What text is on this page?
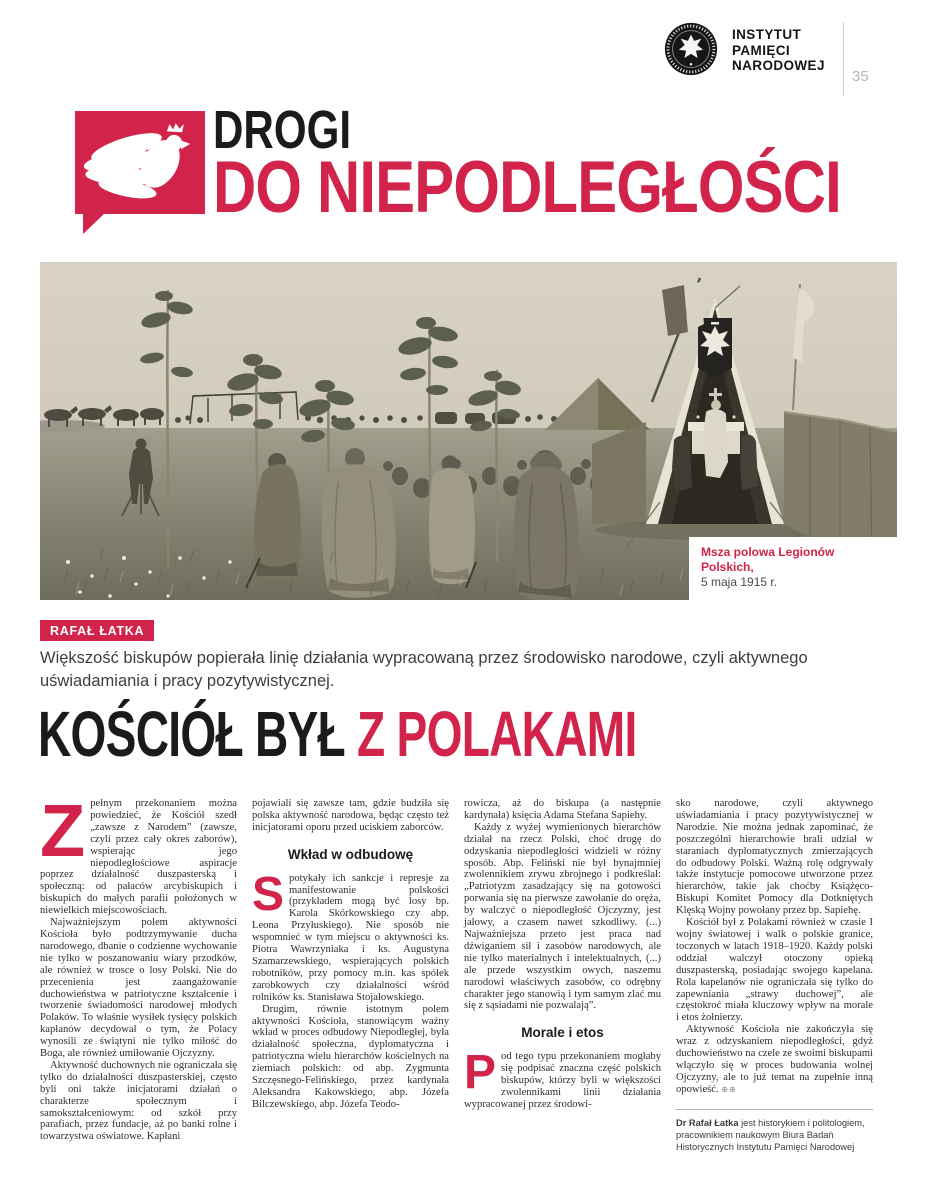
INSTYTUT
PAMIĘCI
NARODOWEJ
35
DROGI
DO NIEPODLEGŁOŚCI
Msza polowa Legionów Polskich,
5 maja 1915 r.
RAFAŁ ŁATKA

Większość biskupów popierała linię działania wypracowaną przez środowisko narodowe, czyli aktywnego uświadamiania i pracy pozytywistycznej.

KOŚCIÓŁ BYŁ Z POLAKAMI

Zpełnym przekonaniem można powiedzieć, że Kościół szedł „zawsze z Narodem” (zawsze, czyli przez cały okres zaborów), wspierając jego niepodległościowe aspiracje poprzez działalność duszpasterską i społeczną: od pałaców arcybiskupich i biskupich do małych parafii położonych w niewielkich miejscowościach.

Najważniejszym polem aktywności Kościoła było podtrzymywanie ducha narodowego, dbanie o codzienne wychowanie nie tylko w poszanowaniu wiary przodków, ale również w trosce o losy Polski. Nie do przecenienia jest zaangażowanie duchowieństwa w patriotyczne kształcenie i tworzenie świadomości narodowej młodych Polaków. To właśnie wysiłek tysięcy polskich kapłanów decydował o tym, że Polacy wynosili ze świątyni nie tylko miłość do Boga, ale również umiłowanie Ojczyzny.

Aktywność duchownych nie ograniczała się tylko do działalności duszpasterskiej, często byli oni także inicjatorami działań o charakterze społecznym i samokształceniowym: od szkół przy parafiach, przez fundacje, aż po banki rolne i towarzystwa oświatowe. Kapłani

pojawiali się zawsze tam, gdzie budziła się polska aktywność narodowa, będąc często też inicjatorami oporu przed uciskiem zaborców.

Wkład w odbudowę

Spotykały ich sankcje i represje za manifestowanie polskości (przykładem mogą być losy bp. Karola Skórkowskiego czy abp. Leona Przyłuskiego). Nie sposób nie wspomnieć w tym miejscu o aktywności ks. Piotra Wawrzyniaka i ks. Augustyna Szamarzewskiego, wspierających polskich robotników, przy pomocy m.in. kas spółek zarobkowych czy działalności wśród rolników ks. Stanisława Stojałowskiego.

Drugim, równie istotnym polem aktywności Kościoła, stanowiącym ważny wkład w proces odbudowy Niepodległej, była działalność społeczna, dyplomatyczna i patriotyczna wielu hierarchów kościelnych na ziemiach polskich: od abp. Zygmunta Szczęsnego-Felińskiego, przez kardynała Aleksandra Kakowskiego, abp. Józefa Bilczewskiego, abp. Józefa Teodo-

rowicza, aż do biskupa (a następnie kardynała) księcia Adama Stefana Sapiehy.

Każdy z wyżej wymienionych hierarchów działał na rzecz Polski, choć drogę do odzyskania niepodległości widzieli w różny sposób. Abp. Feliński nie był bynajmniej zwolennikiem zrywu zbrojnego i podkreślał: „Patriotyzm zasadzający się na gotowości porwania się na pierwsze zawołanie do oręża, by walczyć o niepodległość Ojczyzny, jest jałowy, a czasem nawet szkodliwy. (...) Najważniejsza przeto jest praca nad dźwiganiem sił i zasobów narodowych, ale nie tylko materialnych i intelektualnych, (...) ale przede wszystkim owych, naszemu narodowi właściwych zasobów, co odrębny charakter jego stanowią i tym samym zlać mu się z sąsiadami nie pozwalają”.

Morale i etos

Pod tego typu przekonaniem mogłaby się podpisać znaczna część polskich biskupów, którzy byli w większości zwolennikami linii działania wypracowanej przez środowi-

sko narodowe, czyli aktywnego uświadamiania i pracy pozytywistycznej w Narodzie. Nie można jednak zapominać, że poszczególni hierarchowie brali udział w staraniach dyplomatycznych zmierzających do odbudowy Polski. Ważną rolę odgrywały także instytucje pomocowe utworzone przez hierarchów, takie jak choćby Książęco-Biskupi Komitet Pomocy dla Dotkniętych Klęską Wojny powołany przez bp. Sapiehę.

Kościół był z Polakami również w czasie I wojny światowej i walk o polskie granice, toczonych w latach 1918–1920. Każdy polski oddział walczył otoczony opieką duszpasterską, posiadając swojego kapelana. Rola kapelanów nie ograniczała się tylko do zapewniania „strawy duchowej”, ale częstokroć miała kluczowy wpływ na morale i etos żołnierzy.

Aktywność Kościoła nie zakończyła się wraz z odzyskaniem niepodległości, gdyż duchowieństwo na czele ze swoimi biskupami włączyło się w proces budowania wolnej Ojczyzny, ale to już temat na zupełnie inną opowieść. ⊕⊕

Dr Rafał Łatka jest historykiem i politologiem, pracownikiem naukowym Biura Badań Historycznych Instytutu Pamięci Narodowej
